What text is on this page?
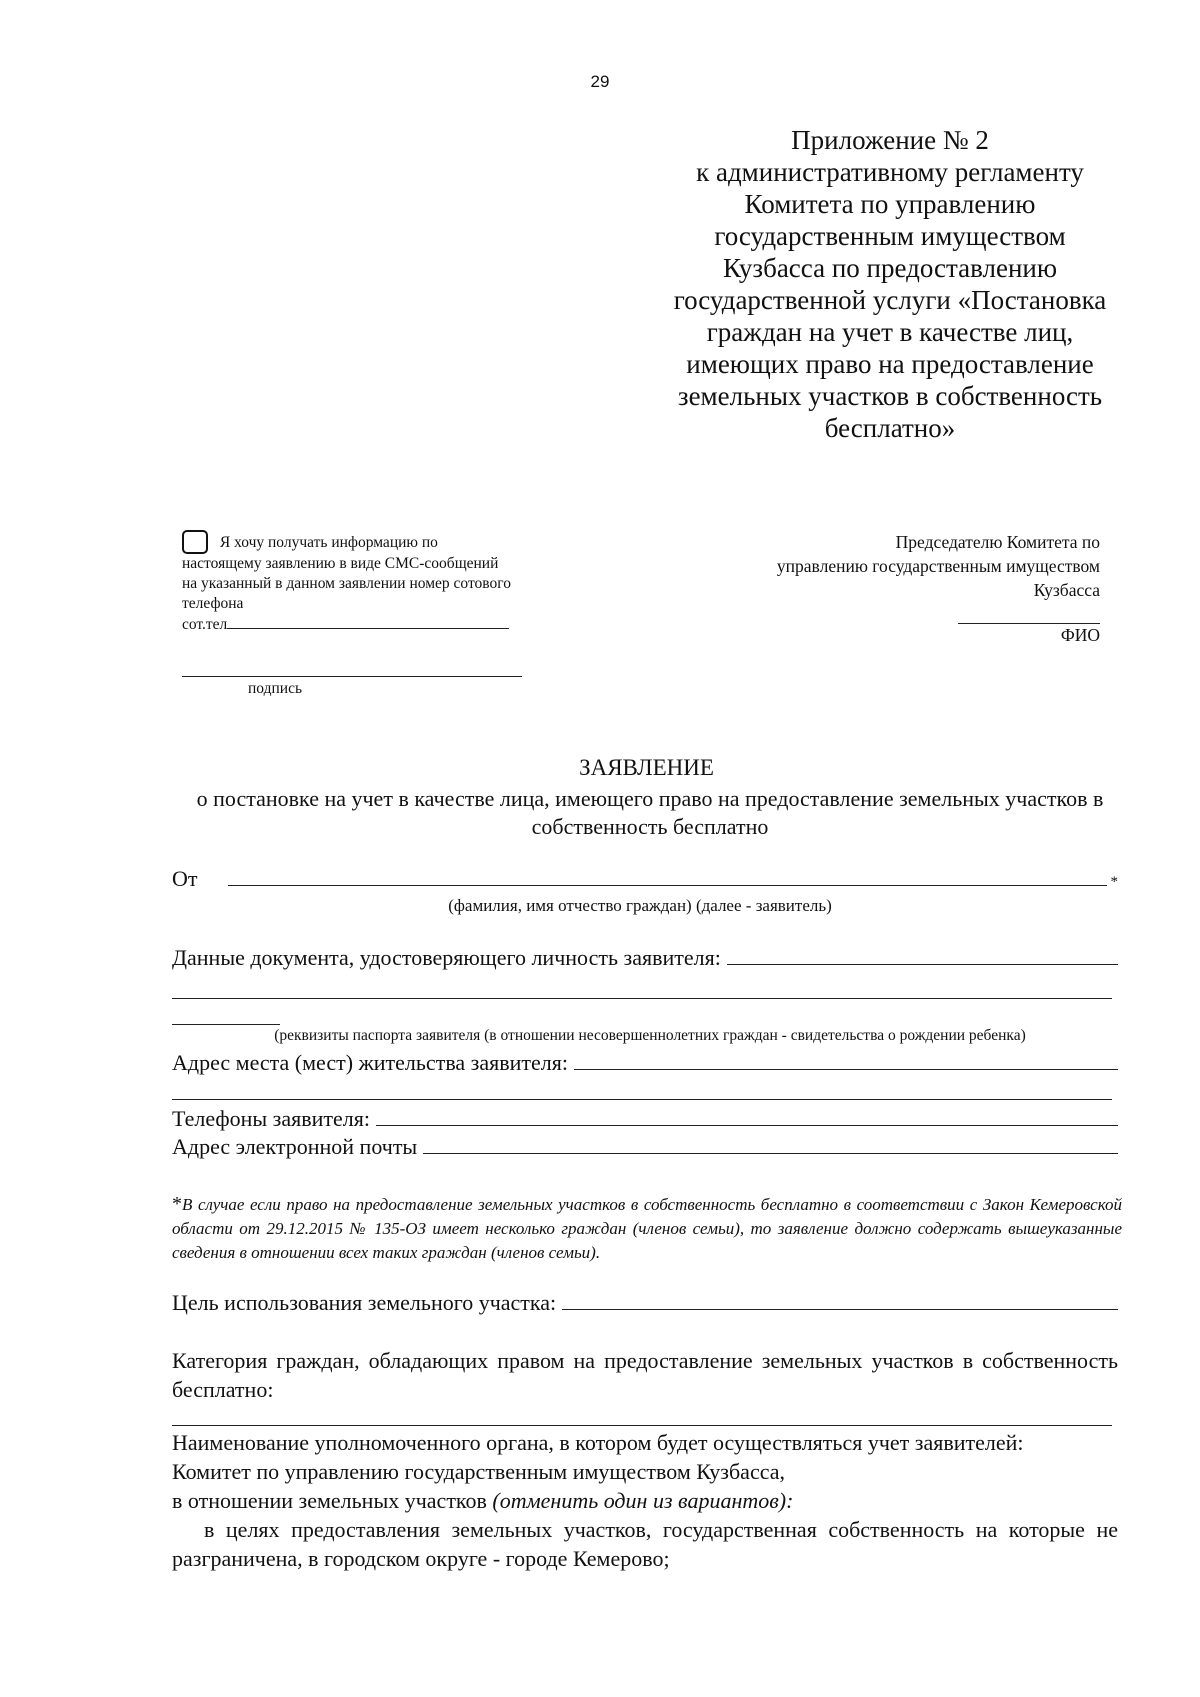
29
Приложение № 2
к административному регламенту
Комитета по управлению
государственным имуществом
Кузбасса по предоставлению
государственной услуги «Постановка
граждан на учет в качестве лиц,
имеющих право на предоставление
земельных участков в собственность
бесплатно»
Я хочу получать информацию по
настоящему заявлению в виде СМС-сообщений
на указанный в данном заявлении номер сотового
телефона
сот.тел
подпись
Председателю Комитета по
управлению государственным имуществом
Кузбасса
ФИО
ЗАЯВЛЕНИЕ
о постановке на учет в качестве лица, имеющего право на предоставление земельных участков в собственность бесплатно
От	*
(фамилия, имя отчество граждан) (далее - заявитель)
Данные документа, удостоверяющего личность заявителя:
(реквизиты паспорта заявителя (в отношении несовершеннолетних граждан - свидетельства о рождении ребенка)
Адрес места (мест) жительства заявителя:
Телефоны заявителя:
Адрес электронной почты
*В случае если право на предоставление земельных участков в собственность бесплатно в соответствии с Закон Кемеровской области от 29.12.2015 № 135-ОЗ имеет несколько граждан (членов семьи), то заявление должно содержать вышеуказанные сведения в отношении всех таких граждан (членов семьи).
Цель использования земельного участка:
Категория граждан, обладающих правом на предоставление земельных участков в собственность бесплатно:
Наименование уполномоченного органа, в котором будет осуществляться учет заявителей:
Комитет по управлению государственным имуществом Кузбасса,
в отношении земельных участков (отменить один из вариантов):
в целях предоставления земельных участков, государственная собственность на которые не разграничена, в городском округе - городе Кемерово;
